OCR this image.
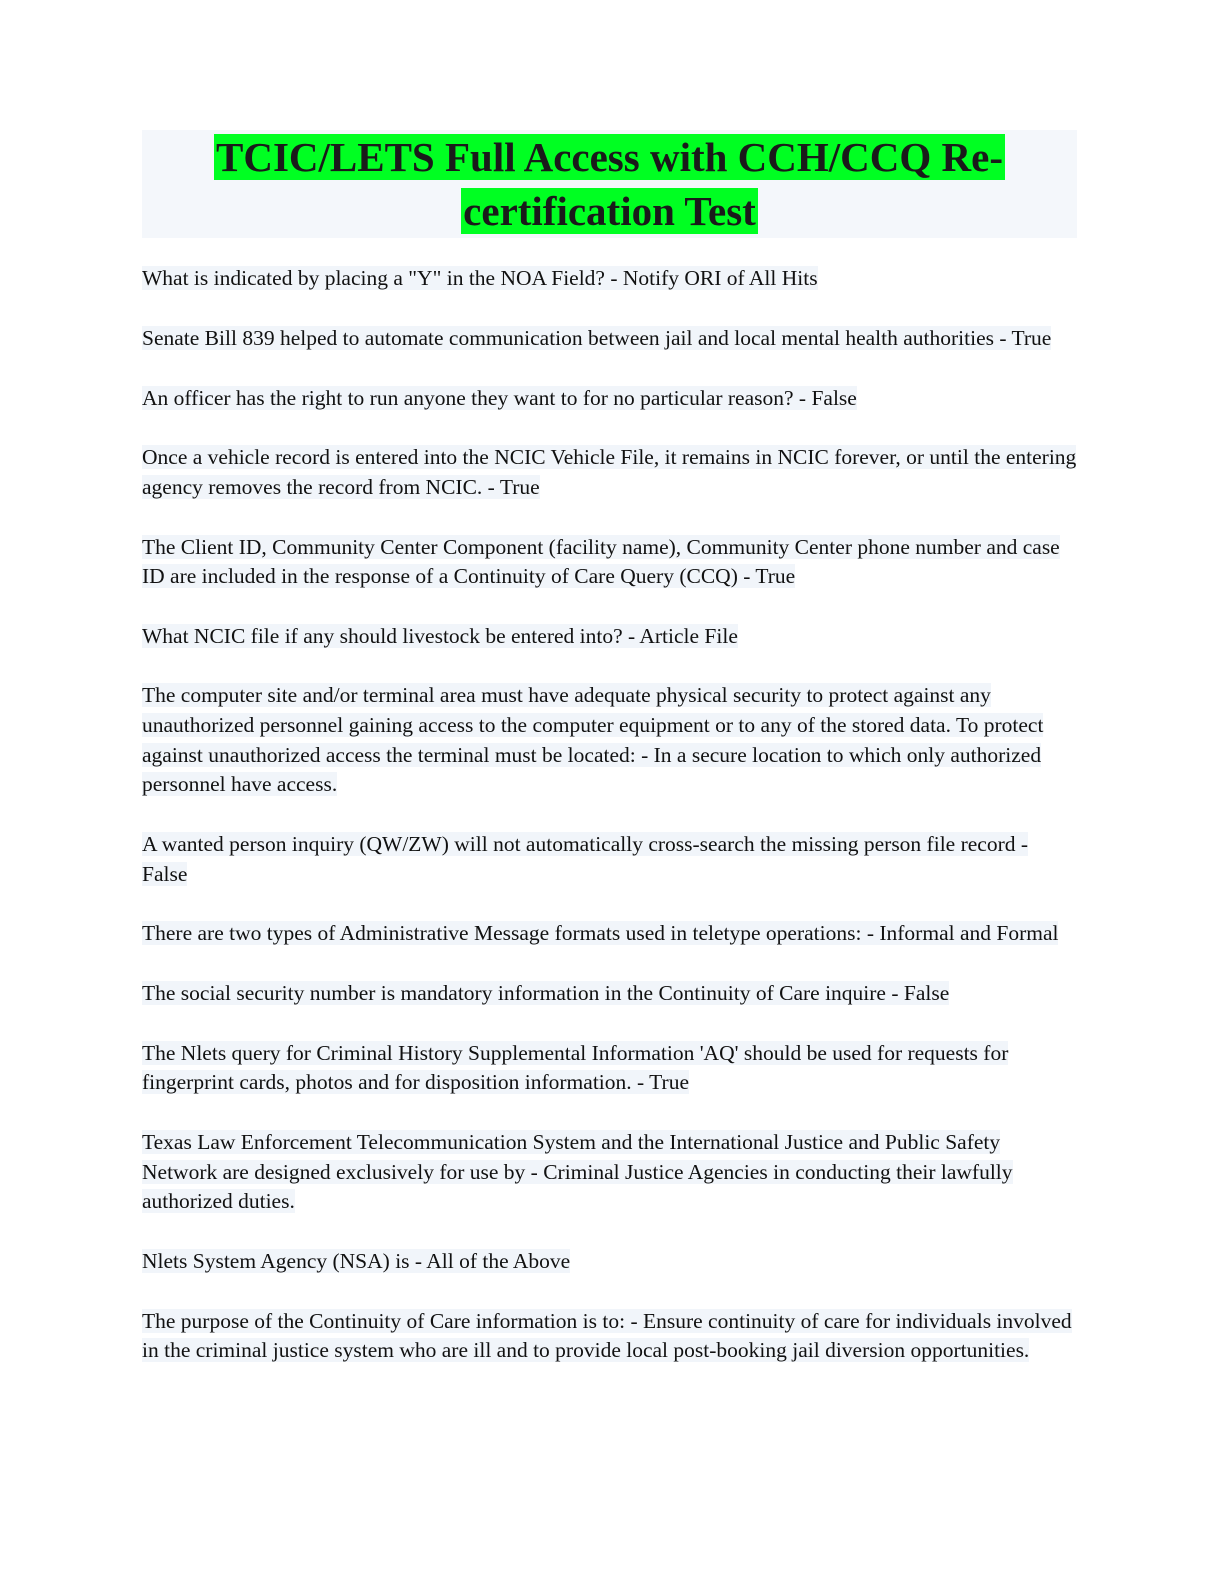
TCIC/LETS Full Access with CCH/CCQ Re-certification Test

What is indicated by placing a "Y" in the NOA Field? - Notify ORI of All Hits

Senate Bill 839 helped to automate communication between jail and local mental health authorities - True

An officer has the right to run anyone they want to for no particular reason? - False

Once a vehicle record is entered into the NCIC Vehicle File, it remains in NCIC forever, or until the entering agency removes the record from NCIC. - True

The Client ID, Community Center Component (facility name), Community Center phone number and case ID are included in the response of a Continuity of Care Query (CCQ) - True

What NCIC file if any should livestock be entered into? - Article File

The computer site and/or terminal area must have adequate physical security to protect against any unauthorized personnel gaining access to the computer equipment or to any of the stored data. To protect against unauthorized access the terminal must be located: - In a secure location to which only authorized personnel have access.

A wanted person inquiry (QW/ZW) will not automatically cross-search the missing person file record - False

There are two types of Administrative Message formats used in teletype operations: - Informal and Formal

The social security number is mandatory information in the Continuity of Care inquire - False

The Nlets query for Criminal History Supplemental Information 'AQ' should be used for requests for fingerprint cards, photos and for disposition information. - True

Texas Law Enforcement Telecommunication System and the International Justice and Public Safety Network are designed exclusively for use by - Criminal Justice Agencies in conducting their lawfully authorized duties.

Nlets System Agency (NSA) is - All of the Above

The purpose of the Continuity of Care information is to: - Ensure continuity of care for individuals involved in the criminal justice system who are ill and to provide local post-booking jail diversion opportunities.
